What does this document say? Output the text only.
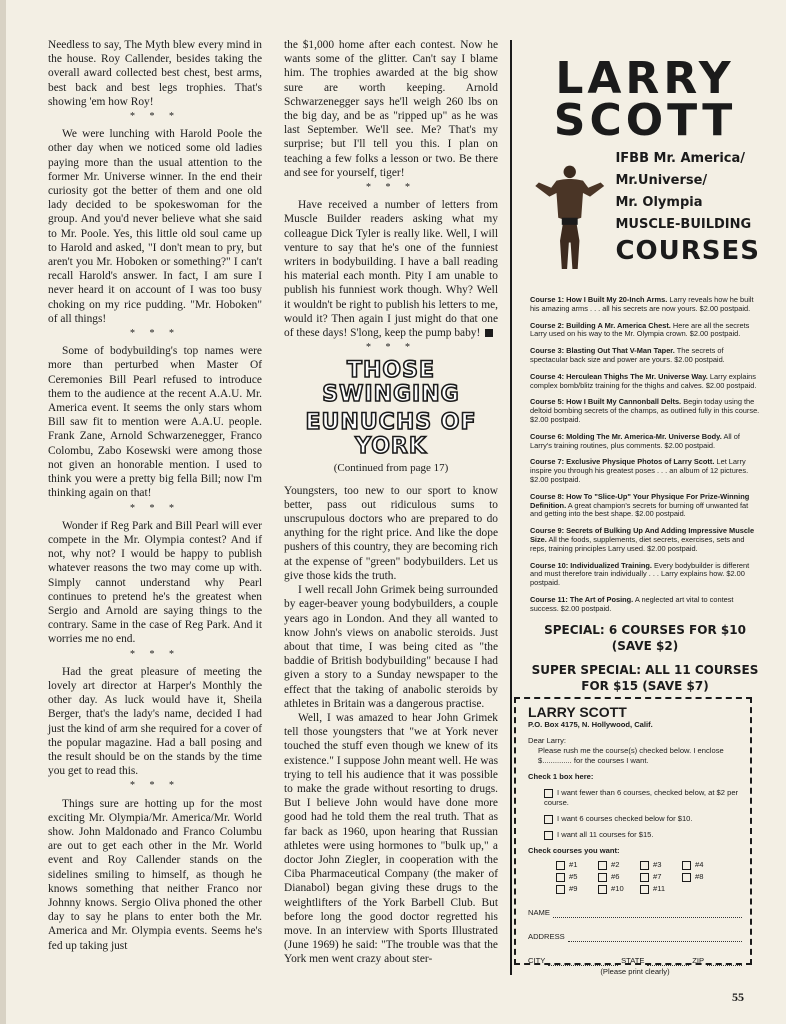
Needless to say, The Myth blew every mind in the house. Roy Callender, besides taking the overall award collected best chest, best arms, best back and best legs trophies. That's showing 'em how Roy!

* * *

We were lunching with Harold Poole the other day when we noticed some old ladies paying more than the usual attention to the former Mr. Universe winner. In the end their curiosity got the better of them and one old lady decided to be spokeswoman for the group. And you'd never believe what she said to Mr. Poole. Yes, this little old soul came up to Harold and asked, "I don't mean to pry, but aren't you Mr. Hoboken or something?" I can't recall Harold's answer. In fact, I am sure I never heard it on account of I was too busy choking on my rice pudding. "Mr. Hoboken" of all things!

* * *

Some of bodybuilding's top names were more than perturbed when Master Of Ceremonies Bill Pearl refused to introduce them to the audience at the recent A.A.U. Mr. America event. It seems the only stars whom Bill saw fit to mention were A.A.U. people. Frank Zane, Arnold Schwarzenegger, Franco Colombu, Zabo Kosewski were among those not given an honorable mention. I used to think you were a pretty big fella Bill; now I'm thinking again on that!

* * *

Wonder if Reg Park and Bill Pearl will ever compete in the Mr. Olympia contest? And if not, why not? I would be happy to publish whatever reasons the two may come up with. Simply cannot understand why Pearl continues to pretend he's the greatest when Sergio and Arnold are saying things to the contrary. Same in the case of Reg Park. And it worries me no end.

* * *

Had the great pleasure of meeting the lovely art director at Harper's Monthly the other day. As luck would have it, Sheila Berger, that's the lady's name, decided I had just the kind of arm she required for a cover of the popular magazine. Had a ball posing and the result should be on the stands by the time you get to read this.

* * *

Things sure are hotting up for the most exciting Mr. Olympia/Mr. America/Mr. World show. John Maldonado and Franco Columbu are out to get each other in the Mr. World event and Roy Callender stands on the sidelines smiling to himself, as though he knows something that neither Franco nor Johnny knows. Sergio Oliva phoned the other day to say he plans to enter both the Mr. America and Mr. Olympia events. Seems he's fed up taking just

the $1,000 home after each contest. Now he wants some of the glitter. Can't say I blame him. The trophies awarded at the big show sure are worth keeping. Arnold Schwarzenegger says he'll weigh 260 lbs on the big day, and be as "ripped up" as he was last September. We'll see. Me? That's my surprise; but I'll tell you this. I plan on teaching a few folks a lesson or two. Be there and see for yourself, tiger!

* * *

Have received a number of letters from Muscle Builder readers asking what my colleague Dick Tyler is really like. Well, I will venture to say that he's one of the funniest writers in bodybuilding. I have a ball reading his material each month. Pity I am unable to publish his funniest work though. Why? Well it wouldn't be right to publish his letters to me, would it? Then again I just might do that one of these days! S'long, keep the pump baby!

* * *
THOSE SWINGING
EUNUCHS OF YORK
(Continued from page 17)

Youngsters, too new to our sport to know better, pass out ridiculous sums to unscrupulous doctors who are prepared to do anything for the right price. And like the dope pushers of this country, they are becoming rich at the expense of "green" bodybuilders. Let us give those kids the truth.

I well recall John Grimek being surrounded by eager-beaver young bodybuilders, a couple years ago in London. And they all wanted to know John's views on anabolic steroids. Just about that time, I was being cited as "the baddie of British bodybuilding" because I had given a story to a Sunday newspaper to the effect that the taking of anabolic steroids by athletes in Britain was a dangerous practise.

Well, I was amazed to hear John Grimek tell those youngsters that "we at York never touched the stuff even though we knew of its existence." I suppose John meant well. He was trying to tell his audience that it was possible to make the grade without resorting to drugs. But I believe John would have done more good had he told them the real truth. That as far back as 1960, upon hearing that Russian athletes were using hormones to "bulk up," a doctor John Ziegler, in cooperation with the Ciba Pharmaceutical Company (the maker of Dianabol) began giving these drugs to the weightlifters of the York Barbell Club. But before long the good doctor regretted his move. In an interview with Sports Illustrated (June 1969) he said: "The trouble was that the York men went crazy about ster-

LARRY
SCOTT
IFBB Mr. America/
Mr.Universe/
Mr. Olympia
MUSCLE-BUILDING
COURSES
Course 1: How I Built My 20-Inch Arms. Larry reveals how he built his amazing arms . . . all his secrets are now yours. $2.00 postpaid.
Course 2: Building A Mr. America Chest. Here are all the secrets Larry used on his way to the Mr. Olympia crown. $2.00 postpaid.
Course 3: Blasting Out That V-Man Taper. The secrets of spectacular back size and power are yours. $2.00 postpaid.
Course 4: Herculean Thighs The Mr. Universe Way. Larry explains complex bomb/blitz training for the thighs and calves. $2.00 postpaid.
Course 5: How I Built My Cannonball Delts. Begin today using the deltoid bombing secrets of the champs, as outlined fully in this course. $2.00 postpaid.
Course 6: Molding The Mr. America-Mr. Universe Body. All of Larry's training routines, plus comments. $2.00 postpaid.
Course 7: Exclusive Physique Photos of Larry Scott. Let Larry inspire you through his greatest poses . . . an album of 12 pictures. $2.00 postpaid.
Course 8: How To "Slice-Up" Your Physique For Prize-Winning Definition. A great champion's secrets for burning off unwanted fat and getting into the best shape. $2.00 postpaid.
Course 9: Secrets of Bulking Up And Adding Impressive Muscle Size. All the foods, supplements, diet secrets, exercises, sets and reps, training principles Larry used. $2.00 postpaid.
Course 10: Individualized Training. Every bodybuilder is different and must therefore train individually . . . Larry explains how. $2.00 postpaid.
Course 11: The Art of Posing. A neglected art vital to contest success. $2.00 postpaid.
SPECIAL: 6 COURSES FOR $10 (SAVE $2)
SUPER SPECIAL: ALL 11 COURSES FOR $15 (SAVE $7)
LARRY SCOTT
P.O. Box 4175, N. Hollywood, Calif.
Dear Larry:
Please rush me the course(s) checked below. I enclose $.............. for the courses I want.
Check 1 box here:
I want fewer than 6 courses, checked below, at $2 per course.
I want 6 courses checked below for $10.
I want all 11 courses for $15.
Check courses you want:
#1	#2	#3	#4
#5	#6	#7	#8
#9	#10	#11
NAME
ADDRESS
CITY	STATE	ZIP
(Please print clearly)
55
